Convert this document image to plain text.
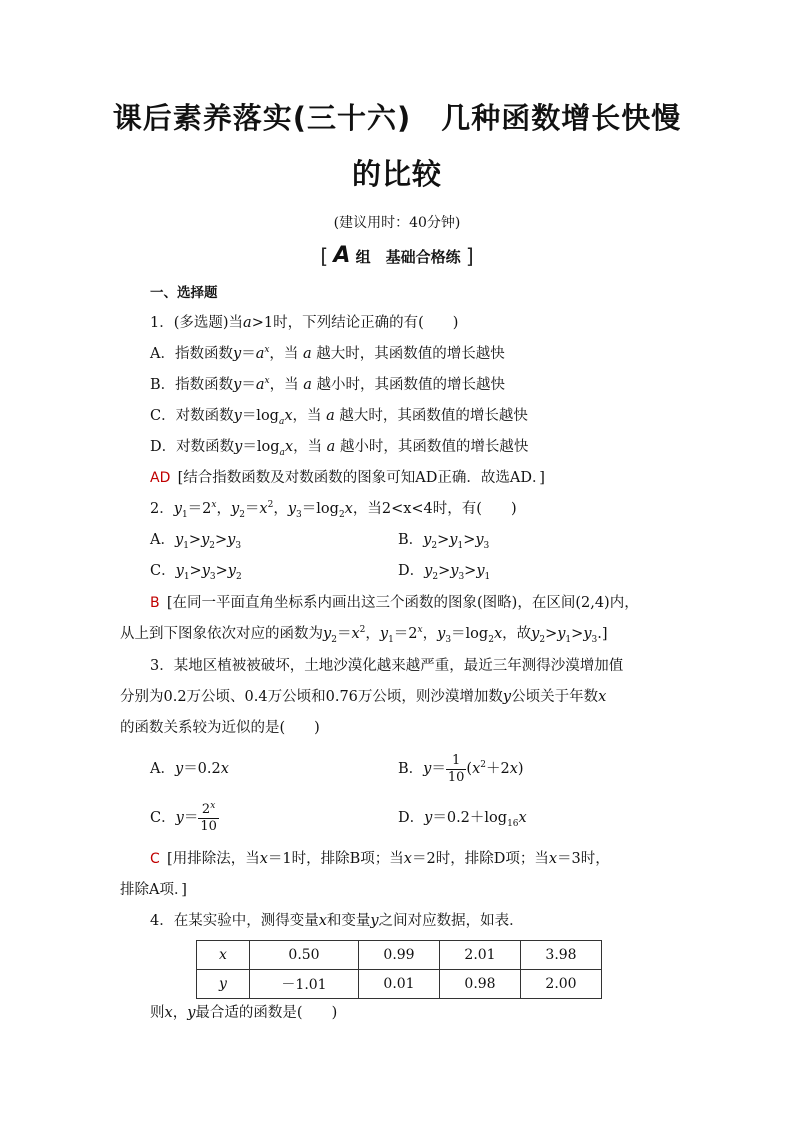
课后素养落实(三十六)　几种函数增长快慢
的比较
(建议用时：40分钟)
[ A 组　基础合格练 ]
一、选择题
1．(多选题)当a>1时，下列结论正确的有(   )
A．指数函数$y=a^x$，当 a 越大时，其函数值的增长越快
B．指数函数$y=a^x$，当 a 越小时，其函数值的增长越快
C．对数函数$y=\log_ax$，当 a 越大时，其函数值的增长越快
D．对数函数$y=\log_ax$，当 a 越小时，其函数值的增长越快
AD  [结合指数函数及对数函数的图象可知AD正确．故选AD．]
2．$y_1=2^x$，$y_2=x^2$，$y_3=\log_2x$，当2<x<4时，有(   )
A．$y_1>y_2>y_3$	B．$y_2>y_1>y_3$
C．$y_1>y_3>y_2$	D．$y_2>y_3>y_1$
B  [在同一平面直角坐标系内画出这三个函数的图象(图略)，在区间(2,4)内，
从上到下图象依次对应的函数为$y_2=x^2$，$y_1=2^x$，$y_3=\log_2x$，故$y_2>y_1>y_3$.]
3．某地区植被被破坏，土地沙漠化越来越严重，最近三年测得沙漠增加值
分别为0.2万公顷、0.4万公顷和0.76万公顷，则沙漠增加数y公顷关于年数x
的函数关系较为近似的是(   )
A．y＝0.2x	B．$y= \frac{1}{10} (x^2+2x)$
C．$y= \frac{2^x}{10}$	D．$y=0.2+\log_{16}x$
C  [用排除法，当x＝1时，排除B项；当x＝2时，排除D项；当x＝3时，
排除A项．]
4．在某实验中，测得变量x和变量y之间对应数据，如表．
x	0.50	0.99	2.01	3.98
y	－1.01	0.01	0.98	2.00
则x，y最合适的函数是(   )
